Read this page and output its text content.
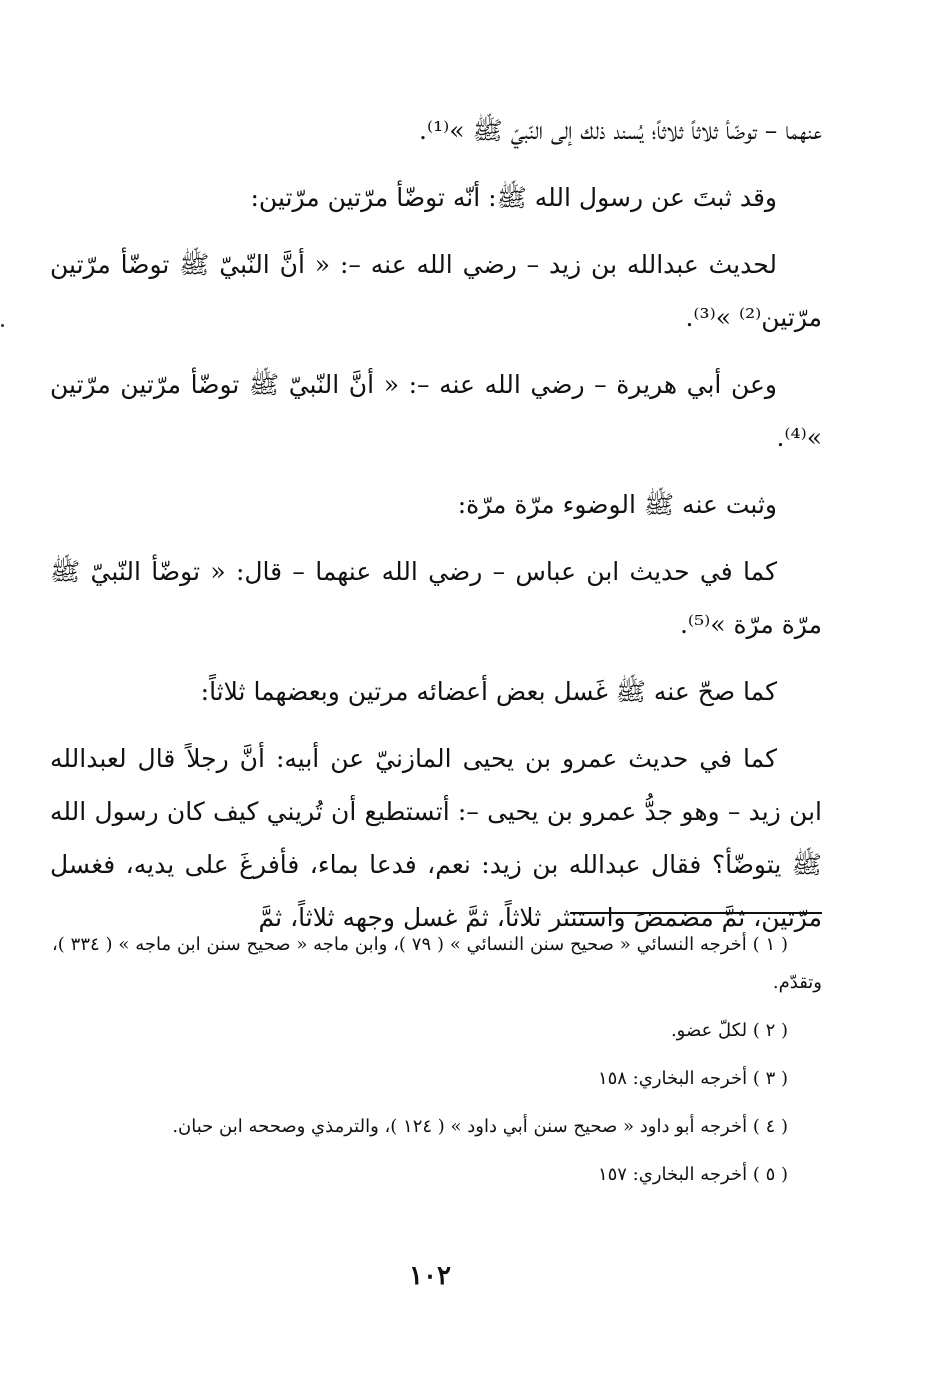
عنهما – توضّأ ثلاثاً ثلاثاً؛ يُسند ذلك إلى النّبيّ ﷺ »⁽¹⁾.

وقد ثبتَ عن رسول الله ﷺ: أنّه توضّأ مرّتين مرّتين:

لحديث عبدالله بن زيد – رضي الله عنه –: « أنَّ النّبيّ ﷺ توضّأ مرّتين مرّتين⁽²⁾ »⁽³⁾.

وعن أبي هريرة – رضي الله عنه –: « أنَّ النّبيّ ﷺ توضّأ مرّتين مرّتين »⁽⁴⁾.

وثبت عنه ﷺ الوضوء مرّة مرّة:

كما في حديث ابن عباس – رضي الله عنهما – قال: « توضّأ النّبيّ ﷺ مرّة مرّة »⁽⁵⁾.

كما صحّ عنه ﷺ غَسل بعض أعضائه مرتين وبعضهما ثلاثاً:

كما في حديث عمرو بن يحيى المازنيّ عن أبيه: أنَّ رجلاً قال لعبدالله ابن زيد – وهو جدُّ عمرو بن يحيى –: أتستطيع أن تُريني كيف كان رسول الله ﷺ يتوضّأ؟ فقال عبدالله بن زيد: نعم، فدعا بماء، فأفرغَ على يديه، فغسل مرّتين، ثمَّ مضمضَ واستنثر ثلاثاً، ثمَّ غسل وجهه ثلاثاً، ثمَّ

( ١ ) أخرجه النسائي « صحيح سنن النسائي » ( ٧٩ )، وابن ماجه « صحيح سنن ابن ماجه » ( ٣٣٤ )، وتقدّم.

( ٢ ) لكلّ عضو.

( ٣ ) أخرجه البخاري: ١٥٨

( ٤ ) أخرجه أبو داود « صحيح سنن أبي داود » ( ١٢٤ )، والترمذي وصححه ابن حبان.

( ٥ ) أخرجه البخاري: ١٥٧

١٠٢
